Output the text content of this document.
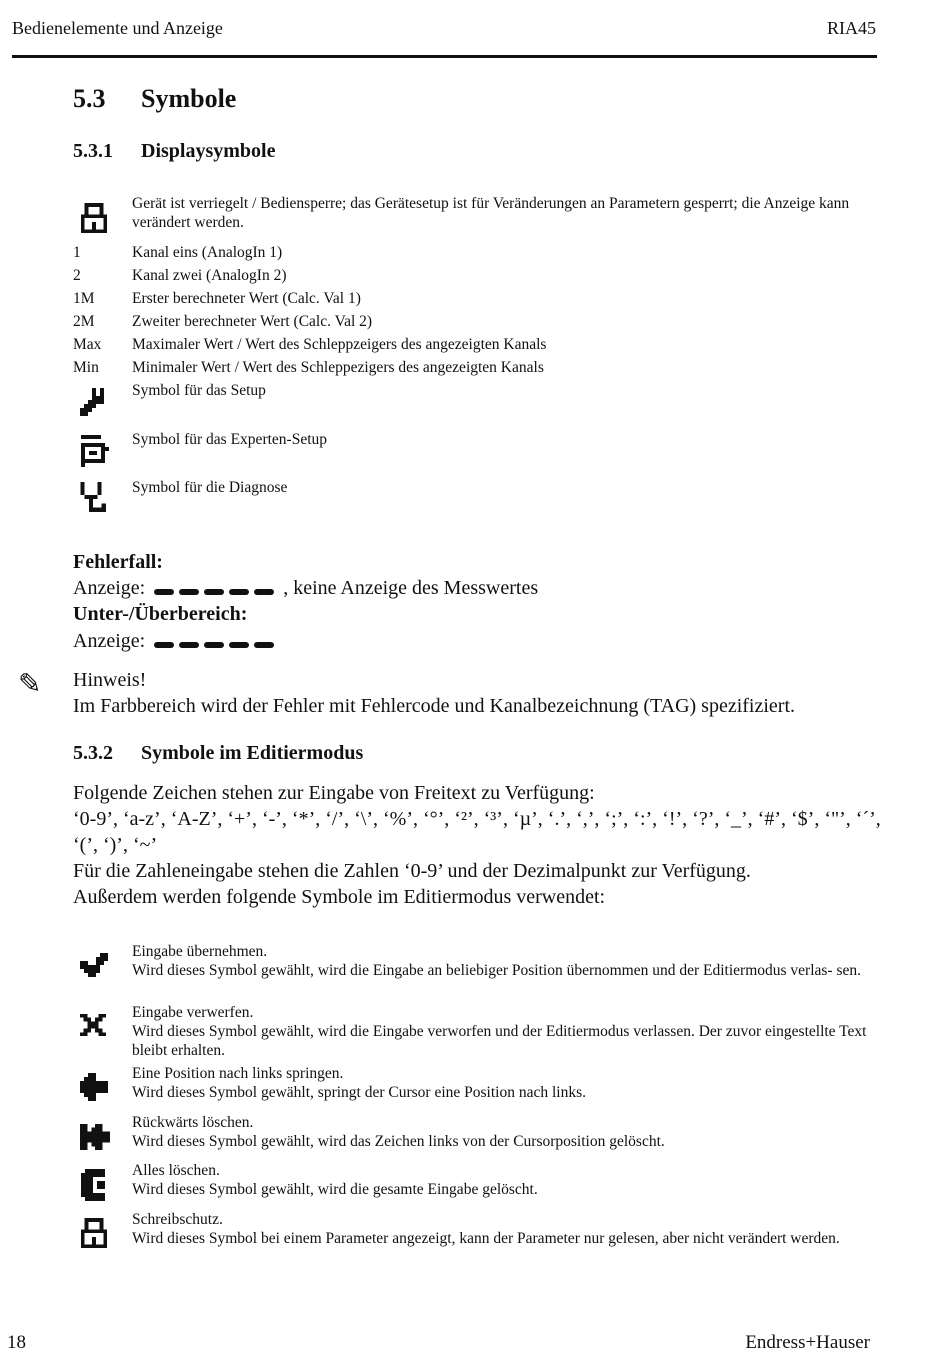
Bedienelemente und Anzeige	RIA45
5.3 Symbole
5.3.1 Displaysymbole
Gerät ist verriegelt / Bediensperre; das Gerätesetup ist für Veränderungen an Parametern gesperrt; die Anzeige kann verändert werden.
1	Kanal eins (AnalogIn 1)
2	Kanal zwei (AnalogIn 2)
1M Erster berechneter Wert (Calc. Val 1)
2M Zweiter berechneter Wert (Calc. Val 2)
Max Maximaler Wert / Wert des Schleppzeigers des angezeigten Kanals
Min Minimaler Wert / Wert des Schleppezigers des angezeigten Kanals
Symbol für das Setup
Symbol für das Experten-Setup
Symbol für die Diagnose
Fehlerfall:
Anzeige:	, keine Anzeige des Messwertes
Unter-/Überbereich:
Anzeige:
✎ Hinweis!
Im Farbbereich wird der Fehler mit Fehlercode und Kanalbezeichnung (TAG) spezifiziert.
5.3.2 Symbole im Editiermodus
Folgende Zeichen stehen zur Eingabe von Freitext zu Verfügung:
‘0-9’, ‘a-z’, ‘A-Z’, ‘+’, ‘-’, ‘*’, ‘/’, ‘\’, ‘%’, ‘°’, ‘²’, ‘³’, ‘µ’, ‘.’, ‘,’, ‘;’, ‘:’, ‘!’, ‘?’, ‘_’, ‘#’, ‘$’, ‘"’, ‘´’,
‘(’, ‘)’, ‘~’
Für die Zahleneingabe stehen die Zahlen ‘0-9’ und der Dezimalpunkt zur Verfügung.
Außerdem werden folgende Symbole im Editiermodus verwendet:
Eingabe übernehmen.
Wird dieses Symbol gewählt, wird die Eingabe an beliebiger Position übernommen und der Editiermodus verlas- sen.
Eingabe verwerfen.
Wird dieses Symbol gewählt, wird die Eingabe verworfen und der Editiermodus verlassen. Der zuvor eingestellte Text bleibt erhalten.
Eine Position nach links springen.
Wird dieses Symbol gewählt, springt der Cursor eine Position nach links.
Rückwärts löschen.
Wird dieses Symbol gewählt, wird das Zeichen links von der Cursorposition gelöscht.
Alles löschen.
Wird dieses Symbol gewählt, wird die gesamte Eingabe gelöscht.
Schreibschutz.
Wird dieses Symbol bei einem Parameter angezeigt, kann der Parameter nur gelesen, aber nicht verändert werden.
18	Endress+Hauser
